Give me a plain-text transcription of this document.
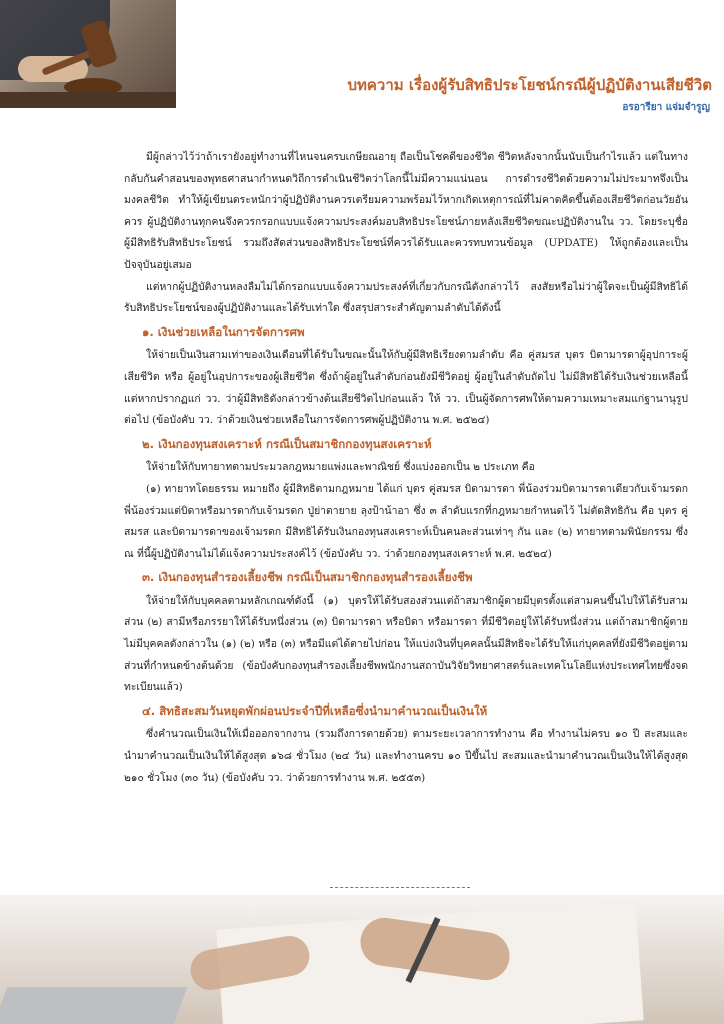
บทความ เรื่องผู้รับสิทธิประโยชน์กรณีผู้ปฏิบัติงานเสียชีวิต
อรอารียา แจ่มจำรูญ

มีผู้กล่าวไว้ว่าถ้าเรายังอยู่ทำงานที่ไหนจนครบเกษียณอายุ ถือเป็นโชคดีของชีวิต ชีวิตหลังจากนั้นนับเป็นกำไรแล้ว แต่ในทางกลับกันคำสอนของพุทธศาสนากำหนดวิถีการดำเนินชีวิตว่าโลกนี้ไม่มีความแน่นอน การดำรงชีวิตด้วยความไม่ประมาทจึงเป็นมงคลชีวิต ทำให้ผู้เขียนตระหนักว่าผู้ปฏิบัติงานควรเตรียมความพร้อมไว้หากเกิดเหตุการณ์ที่ไม่คาดคิดขึ้นต้องเสียชีวิตก่อนวัยอันควร ผู้ปฏิบัติงานทุกคนจึงควรกรอกแบบแจ้งความประสงค์มอบสิทธิประโยชน์ภายหลังเสียชีวิตขณะปฏิบัติงานใน วว. โดยระบุชื่อผู้มีสิทธิรับสิทธิประโยชน์ รวมถึงสัดส่วนของสิทธิประโยชน์ที่ควรได้รับและควรทบทวนข้อมูล (UPDATE) ให้ถูกต้องและเป็นปัจจุบันอยู่เสมอ

แต่หากผู้ปฏิบัติงานหลงลืมไม่ได้กรอกแบบแจ้งความประสงค์ที่เกี่ยวกับกรณีดังกล่าวไว้ สงสัยหรือไม่ว่าผู้ใดจะเป็นผู้มีสิทธิได้รับสิทธิประโยชน์ของผู้ปฏิบัติงานและได้รับเท่าใด ซึ่งสรุปสาระสำคัญตามลำดับได้ดังนี้

๑. เงินช่วยเหลือในการจัดการศพ

ให้จ่ายเป็นเงินสามเท่าของเงินเดือนที่ได้รับในขณะนั้นให้กับผู้มีสิทธิเรียงตามลำดับ คือ คู่สมรส บุตร บิดามารดาผู้อุปการะผู้เสียชีวิต หรือ ผู้อยู่ในอุปการะของผู้เสียชีวิต ซึ่งถ้าผู้อยู่ในลำดับก่อนยังมีชีวิตอยู่ ผู้อยู่ในลำดับถัดไป ไม่มีสิทธิได้รับเงินช่วยเหลือนี้ แต่หากปรากฏแก่ วว. ว่าผู้มีสิทธิดังกล่าวข้างต้นเสียชีวิตไปก่อนแล้ว ให้ วว. เป็นผู้จัดการศพให้ตามความเหมาะสมแก่ฐานานุรูปต่อไป (ข้อบังคับ วว. ว่าด้วยเงินช่วยเหลือในการจัดการศพผู้ปฏิบัติงาน พ.ศ. ๒๕๒๔)

๒. เงินกองทุนสงเคราะห์ กรณีเป็นสมาชิกกองทุนสงเคราะห์

ให้จ่ายให้กับทายาทตามประมวลกฎหมายแพ่งและพาณิชย์ ซึ่งแบ่งออกเป็น ๒ ประเภท คือ

(๑) ทายาทโดยธรรม หมายถึง ผู้มีสิทธิตามกฎหมาย ได้แก่ บุตร คู่สมรส บิดามารดา พี่น้องร่วมบิดามารดาเดียวกับเจ้ามรดก พี่น้องร่วมแต่บิดาหรือมารดากับเจ้ามรดก ปู่ย่าตายาย ลุงป้าน้าอา ซึ่ง ๓ ลำดับแรกที่กฎหมายกำหนดไว้ ไม่ตัดสิทธิกัน คือ บุตร คู่สมรส และบิดามารดาของเจ้ามรดก มีสิทธิได้รับเงินกองทุนสงเคราะห์เป็นคนละส่วนเท่าๆ กัน และ (๒) ทายาทตามพินัยกรรม ซึ่ง ณ ที่นี้ผู้ปฏิบัติงานไม่ได้แจ้งความประสงค์ไว้ (ข้อบังคับ วว. ว่าด้วยกองทุนสงเคราะห์ พ.ศ. ๒๕๒๔)

๓. เงินกองทุนสำรองเลี้ยงชีพ กรณีเป็นสมาชิกกองทุนสำรองเลี้ยงชีพ

ให้จ่ายให้กับบุคคลตามหลักเกณฑ์ดังนี้ (๑) บุตรให้ได้รับสองส่วนแต่ถ้าสมาชิกผู้ตายมีบุตรตั้งแต่สามคนขึ้นไปให้ได้รับสามส่วน (๒) สามีหรือภรรยาให้ได้รับหนึ่งส่วน (๓) บิดามารดา หรือบิดา หรือมารดา ที่มีชีวิตอยู่ให้ได้รับหนึ่งส่วน แต่ถ้าสมาชิกผู้ตายไม่มีบุคคลดังกล่าวใน (๑) (๒) หรือ (๓) หรือมีแต่ได้ตายไปก่อน ให้แบ่งเงินที่บุคคลนั้นมีสิทธิจะได้รับให้แก่บุคคลที่ยังมีชีวิตอยู่ตามส่วนที่กำหนดข้างต้นด้วย (ข้อบังคับกองทุนสำรองเลี้ยงชีพพนักงานสถาบันวิจัยวิทยาศาสตร์และเทคโนโลยีแห่งประเทศไทยซึ่งจดทะเบียนแล้ว)

๔. สิทธิสะสมวันหยุดพักผ่อนประจำปีที่เหลือซึ่งนำมาคำนวณเป็นเงินให้

ซึ่งคำนวณเป็นเงินให้เมื่อออกจากงาน (รวมถึงการตายด้วย) ตามระยะเวลาการทำงาน คือ ทำงานไม่ครบ ๑๐ ปี สะสมและนำมาคำนวณเป็นเงินให้ได้สูงสุด ๑๖๘ ชั่วโมง (๒๔ วัน) และทำงานครบ ๑๐ ปีขึ้นไป สะสมและนำมาคำนวณเป็นเงินให้ได้สูงสุด ๒๑๐ ชั่วโมง (๓๐ วัน) (ข้อบังคับ วว. ว่าด้วยการทำงาน พ.ศ. ๒๕๕๓)
